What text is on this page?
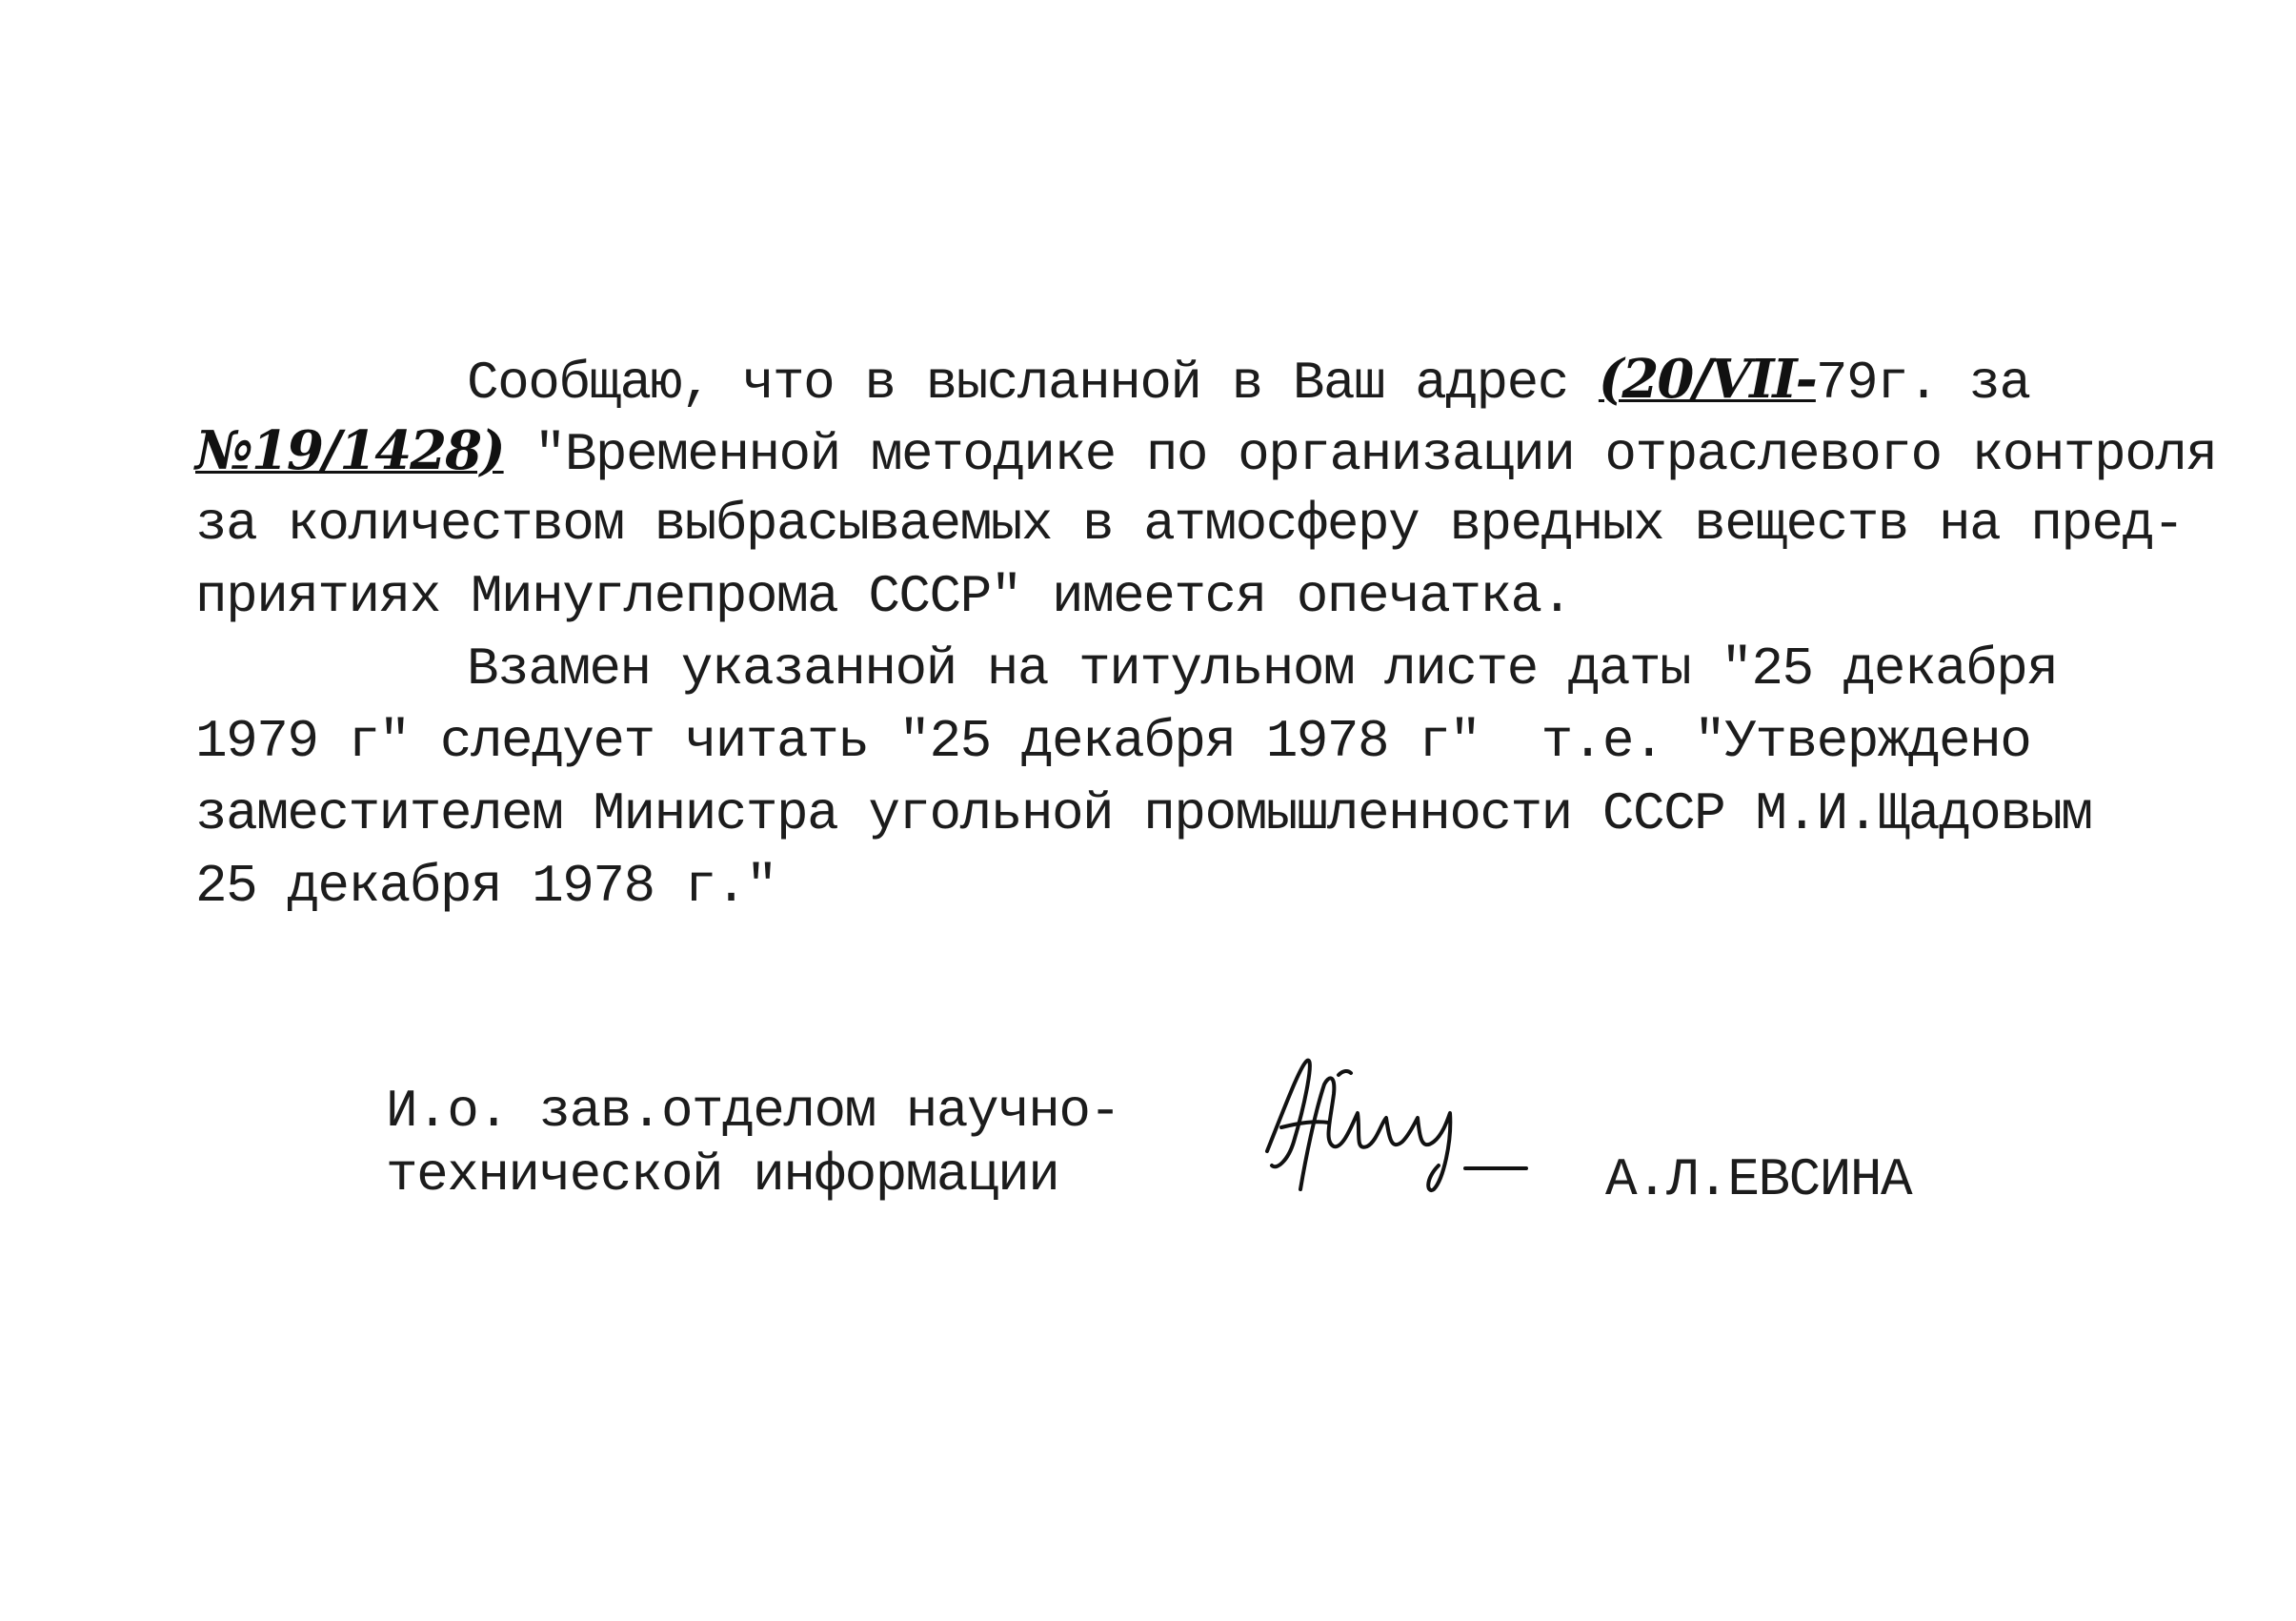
Сообщаю, что в высланной в Ваш адрес (20/VII-79г. за
№19/1428) "Временной методике по организации отраслевого контроля
за количеством выбрасываемых в атмосферу вредных веществ на пред-
приятиях Минуглепрома СССР" имеется опечатка.
Взамен указанной на титульном листе даты "25 декабря
1979 г" следует читать "25 декабря 1978 г"  т.е. "Утверждено
заместителем Министра угольной промышленности СССР М.И.Щадовым
25 декабря 1978 г."
И.о. зав.отделом научно-
технической информации	А.Л.ЕВСИНА
